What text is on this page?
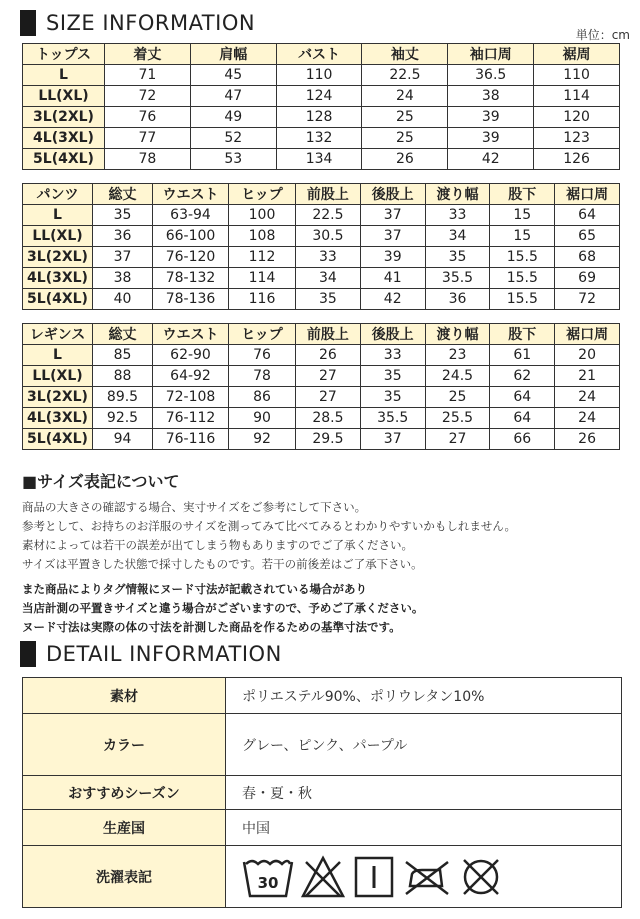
SIZE INFORMATION	単位：cm
トップス	着丈	肩幅	バスト	袖丈	袖口周	裾周
L	71	45	110	22.5	36.5	110
LL(XL)	72	47	124	24	38	114
3L(2XL)	76	49	128	25	39	120
4L(3XL)	77	52	132	25	39	123
5L(4XL)	78	53	134	26	42	126
パンツ	総丈	ウエスト	ヒップ	前股上	後股上	渡り幅	股下	裾口周
L	35	63-94	100	22.5	37	33	15	64
LL(XL)	36	66-100	108	30.5	37	34	15	65
3L(2XL)	37	76-120	112	33	39	35	15.5	68
4L(3XL)	38	78-132	114	34	41	35.5	15.5	69
5L(4XL)	40	78-136	116	35	42	36	15.5	72
レギンス	総丈	ウエスト	ヒップ	前股上	後股上	渡り幅	股下	裾口周
L	85	62-90	76	26	33	23	61	20
LL(XL)	88	64-92	78	27	35	24.5	62	21
3L(2XL)	89.5	72-108	86	27	35	25	64	24
4L(3XL)	92.5	76-112	90	28.5	35.5	25.5	64	24
5L(4XL)	94	76-116	92	29.5	37	27	66	26
■サイズ表記について
商品の大きさの確認する場合、実寸サイズをご参考にして下さい。
参考として、お持ちのお洋服のサイズを測ってみて比べてみるとわかりやすいかもしれません。
素材によっては若干の誤差が出てしまう物もありますのでご了承ください。
サイズは平置きした状態で採寸したものです。若干の前後差はご了承下さい。
また商品によりタグ情報にヌード寸法が記載されている場合があり
当店計測の平置きサイズと違う場合がございますので、予めご了承ください。
ヌード寸法は実際の体の寸法を計測した商品を作るための基準寸法です。
DETAIL INFORMATION
素材	ポリエステル90%、ポリウレタン10%
カラー	グレー、ピンク、パープル
おすすめシーズン	春・夏・秋
生産国	中国
洗濯表記	30
